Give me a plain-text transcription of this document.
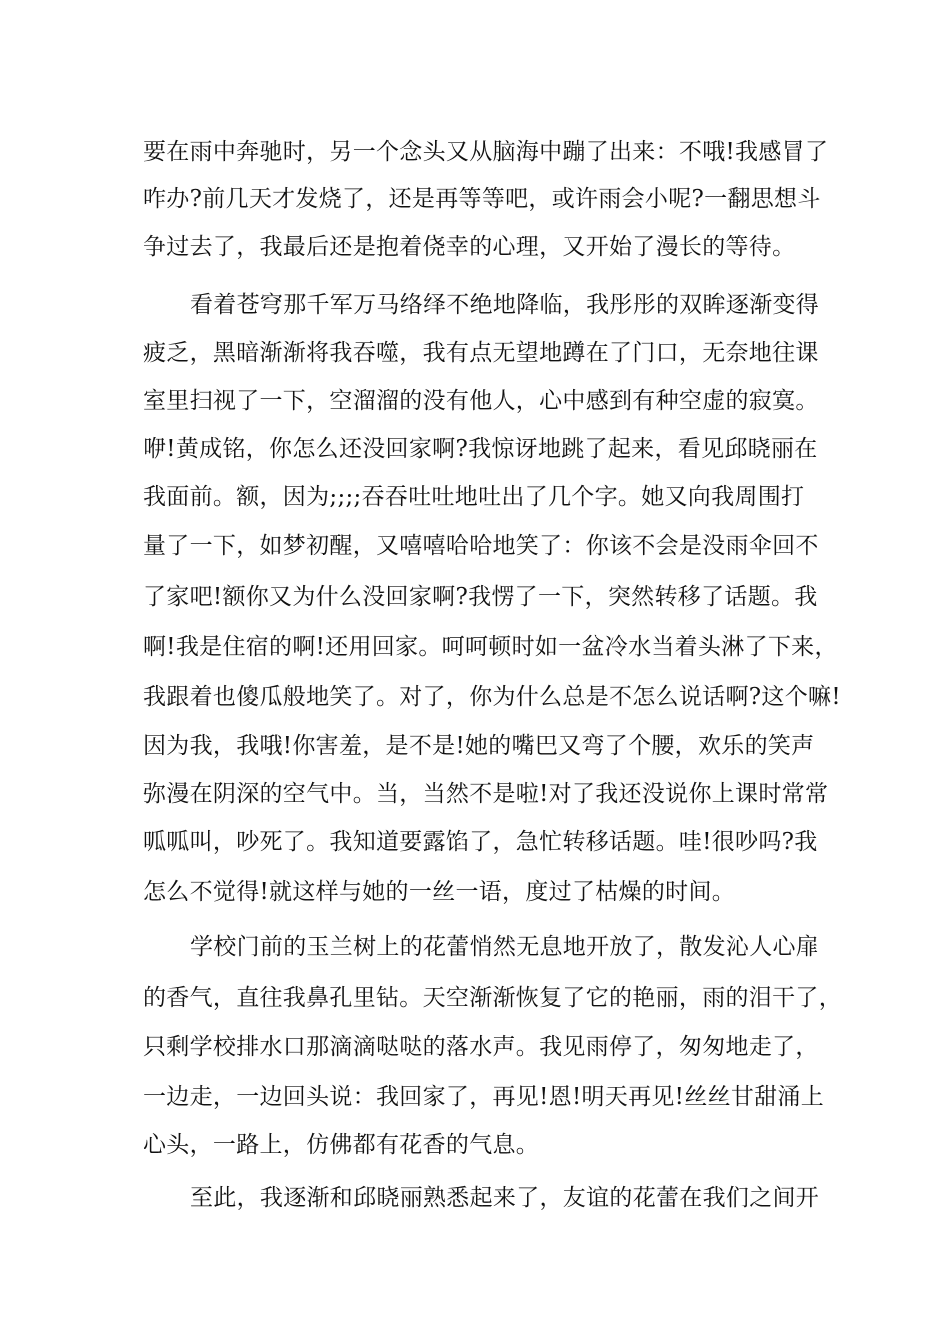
要在雨中奔驰时，另一个念头又从脑海中蹦了出来：不哦!我感冒了
咋办?前几天才发烧了，还是再等等吧，或许雨会小呢?一翻思想斗
争过去了，我最后还是抱着侥幸的心理，又开始了漫长的等待。
看着苍穹那千军万马络绎不绝地降临，我彤彤的双眸逐渐变得
疲乏，黑暗渐渐将我吞噬，我有点无望地蹲在了门口，无奈地往课
室里扫视了一下，空溜溜的没有他人，心中感到有种空虚的寂寞。
咿!黄成铭，你怎么还没回家啊?我惊讶地跳了起来，看见邱晓丽在
我面前。额，因为;;;;吞吞吐吐地吐出了几个字。她又向我周围打
量了一下，如梦初醒，又嘻嘻哈哈地笑了：你该不会是没雨伞回不
了家吧!额你又为什么没回家啊?我愣了一下，突然转移了话题。我
啊!我是住宿的啊!还用回家。呵呵顿时如一盆冷水当着头淋了下来，
我跟着也傻瓜般地笑了。对了，你为什么总是不怎么说话啊?这个嘛!
因为我，我哦!你害羞，是不是!她的嘴巴又弯了个腰，欢乐的笑声
弥漫在阴深的空气中。当，当然不是啦!对了我还没说你上课时常常
呱呱叫，吵死了。我知道要露馅了，急忙转移话题。哇!很吵吗?我
怎么不觉得!就这样与她的一丝一语，度过了枯燥的时间。
学校门前的玉兰树上的花蕾悄然无息地开放了，散发沁人心扉
的香气，直往我鼻孔里钻。天空渐渐恢复了它的艳丽，雨的泪干了，
只剩学校排水口那滴滴哒哒的落水声。我见雨停了，匆匆地走了，
一边走，一边回头说：我回家了，再见!恩!明天再见!丝丝甘甜涌上
心头，一路上，仿佛都有花香的气息。
至此，我逐渐和邱晓丽熟悉起来了，友谊的花蕾在我们之间开
